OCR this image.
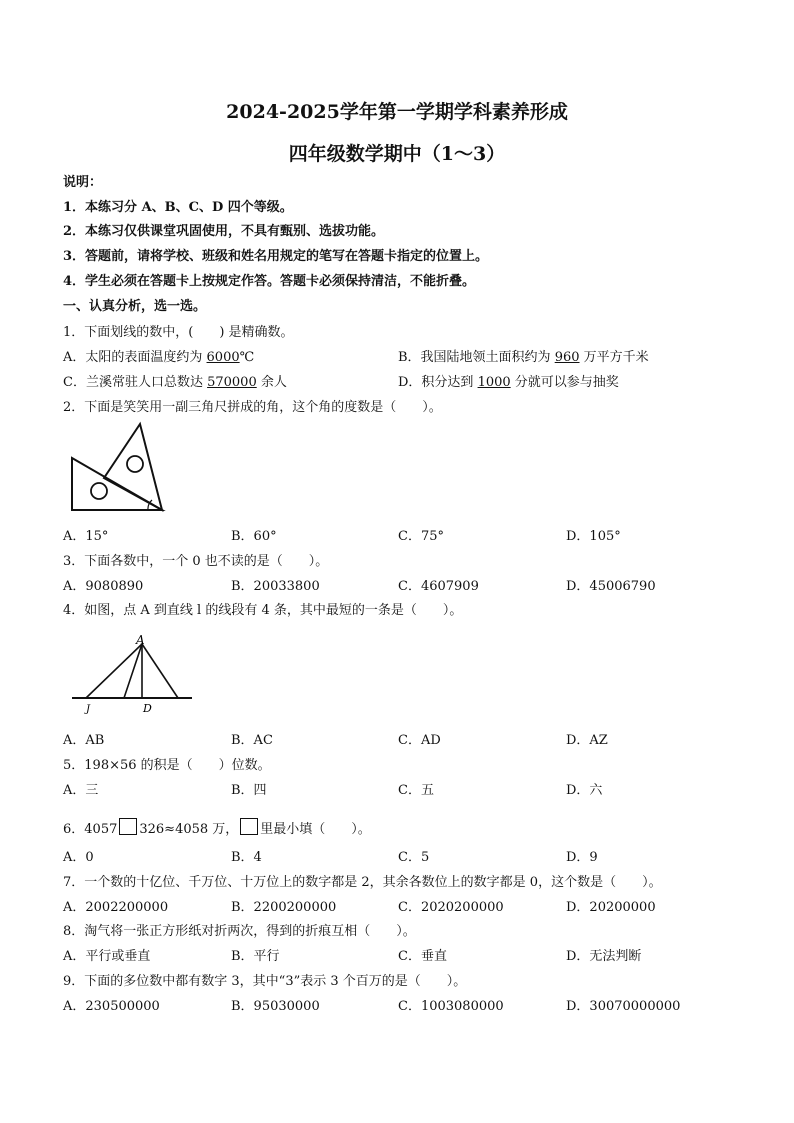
2024-2025学年第一学期学科素养形成
四年级数学期中（1～3）
说明：
1．本练习分 A、B、C、D 四个等级。
2．本练习仅供课堂巩固使用，不具有甄别、选拔功能。
3．答题前，请将学校、班级和姓名用规定的笔写在答题卡指定的位置上。
4．学生必须在答题卡上按规定作答。答题卡必须保持清洁，不能折叠。
一、认真分析，选一选。
1．下面划线的数中，(　　) 是精确数。
A．太阳的表面温度约为 6000℃	B．我国陆地领土面积约为 960 万平方千米
C．兰溪常驻人口总数达 570000 余人	D．积分达到 1000 分就可以参与抽奖
2．下面是笑笑用一副三角尺拼成的角，这个角的度数是（　　）。
A．15°	B．60°	C．75°	D．105°
3．下面各数中，一个 0 也不读的是（　　）。
A．9080890	B．20033800	C．4607909	D．45006790
4．如图，点 A 到直线 l 的线段有 4 条，其中最短的一条是（　　）。
A
J	D
A．AB	B．AC	C．AD	D．AZ
5．198×56 的积是（　　）位数。
A．三	B．四	C．五	D．六
6．4057 326≈4058 万， 里最小填（　　）。
A．0	B．4	C．5	D．9
7．一个数的十亿位、千万位、十万位上的数字都是 2，其余各数位上的数字都是 0，这个数是（　　）。
A．2002200000	B．2200200000	C．2020200000	D．20200000
8．淘气将一张正方形纸对折两次，得到的折痕互相（　　）。
A．平行或垂直	B．平行	C．垂直	D．无法判断
9．下面的多位数中都有数字 3，其中“3”表示 3 个百万的是（　　）。
A．230500000	B．95030000	C．1003080000	D．30070000000
